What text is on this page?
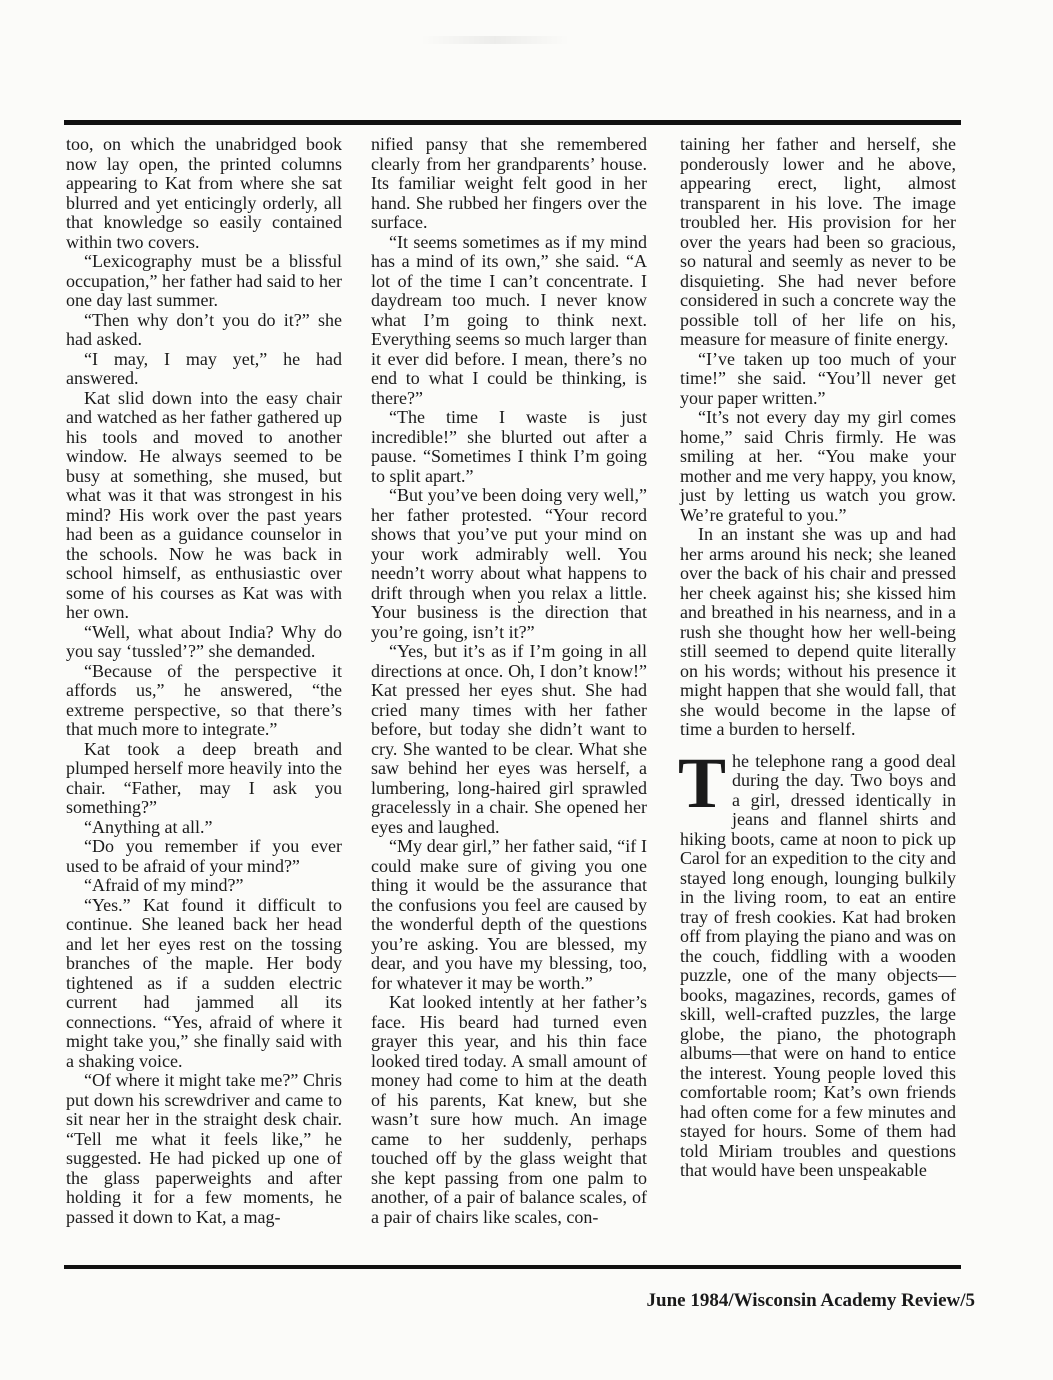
too, on which the unabridged book now lay open, the printed columns appearing to Kat from where she sat blurred and yet enticingly orderly, all that knowledge so easily contained within two covers.

“Lexicography must be a blissful occupation,” her father had said to her one day last summer.

“Then why don’t you do it?” she had asked.

“I may, I may yet,” he had answered.

Kat slid down into the easy chair and watched as her father gathered up his tools and moved to another window. He always seemed to be busy at something, she mused, but what was it that was strongest in his mind? His work over the past years had been as a guidance counselor in the schools. Now he was back in school himself, as enthusiastic over some of his courses as Kat was with her own.

“Well, what about India? Why do you say ‘tussled’?” she demanded.

“Because of the perspective it affords us,” he answered, “the extreme perspective, so that there’s that much more to integrate.”

Kat took a deep breath and plumped herself more heavily into the chair. “Father, may I ask you something?”

“Anything at all.”

“Do you remember if you ever used to be afraid of your mind?”

“Afraid of my mind?”

“Yes.” Kat found it difficult to continue. She leaned back her head and let her eyes rest on the tossing branches of the maple. Her body tightened as if a sudden electric current had jammed all its connections. “Yes, afraid of where it might take you,” she finally said with a shaking voice.

“Of where it might take me?” Chris put down his screwdriver and came to sit near her in the straight desk chair. “Tell me what it feels like,” he suggested. He had picked up one of the glass paperweights and after holding it for a few moments, he passed it down to Kat, a mag-

nified pansy that she remembered clearly from her grandparents’ house. Its familiar weight felt good in her hand. She rubbed her fingers over the surface.

“It seems sometimes as if my mind has a mind of its own,” she said. “A lot of the time I can’t concentrate. I daydream too much. I never know what I’m going to think next. Everything seems so much larger than it ever did before. I mean, there’s no end to what I could be thinking, is there?”

“The time I waste is just incredible!” she blurted out after a pause. “Sometimes I think I’m going to split apart.”

“But you’ve been doing very well,” her father protested. “Your record shows that you’ve put your mind on your work admirably well. You needn’t worry about what happens to drift through when you relax a little. Your business is the direction that you’re going, isn’t it?”

“Yes, but it’s as if I’m going in all directions at once. Oh, I don’t know!” Kat pressed her eyes shut. She had cried many times with her father before, but today she didn’t want to cry. She wanted to be clear. What she saw behind her eyes was herself, a lumbering, long-haired girl sprawled gracelessly in a chair. She opened her eyes and laughed.

“My dear girl,” her father said, “if I could make sure of giving you one thing it would be the assurance that the confusions you feel are caused by the wonderful depth of the questions you’re asking. You are blessed, my dear, and you have my blessing, too, for whatever it may be worth.”

Kat looked intently at her father’s face. His beard had turned even grayer this year, and his thin face looked tired today. A small amount of money had come to him at the death of his parents, Kat knew, but she wasn’t sure how much. An image came to her suddenly, perhaps touched off by the glass weight that she kept passing from one palm to another, of a pair of balance scales, of a pair of chairs like scales, con-

taining her father and herself, she ponderously lower and he above, appearing erect, light, almost transparent in his love. The image troubled her. His provision for her over the years had been so gracious, so natural and seemly as never to be disquieting. She had never before considered in such a concrete way the possible toll of her life on his, measure for measure of finite energy.

“I’ve taken up too much of your time!” she said. “You’ll never get your paper written.”

“It’s not every day my girl comes home,” said Chris firmly. He was smiling at her. “You make your mother and me very happy, you know, just by letting us watch you grow. We’re grateful to you.”

In an instant she was up and had her arms around his neck; she leaned over the back of his chair and pressed her cheek against his; she kissed him and breathed in his nearness, and in a rush she thought how her well-being still seemed to depend quite literally on his words; without his presence it might happen that she would fall, that she would become in the lapse of time a burden to herself.

The telephone rang a good deal during the day. Two boys and a girl, dressed identically in jeans and flannel shirts and hiking boots, came at noon to pick up Carol for an expedition to the city and stayed long enough, lounging bulkily in the living room, to eat an entire tray of fresh cookies. Kat had broken off from playing the piano and was on the couch, fiddling with a wooden puzzle, one of the many objects—books, magazines, records, games of skill, well-crafted puzzles, the large globe, the piano, the photograph albums—that were on hand to entice the interest. Young people loved this comfortable room; Kat’s own friends had often come for a few minutes and stayed for hours. Some of them had told Miriam troubles and questions that would have been unspeakable

June 1984/Wisconsin Academy Review/5
